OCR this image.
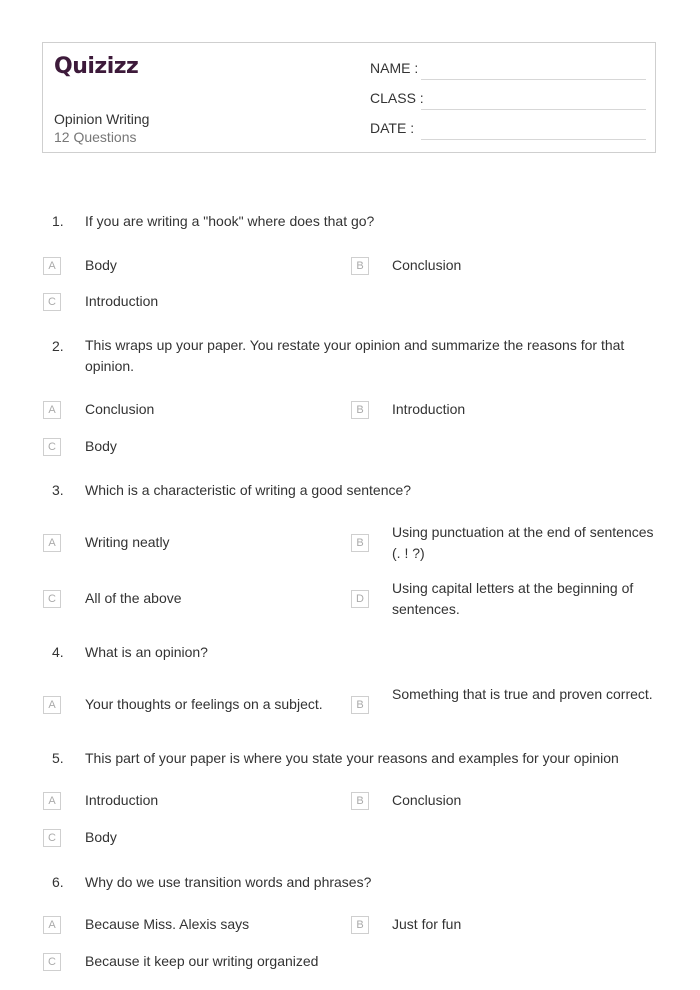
Quizizz
Opinion Writing
12 Questions
NAME :
CLASS :
DATE :
1. If you are writing a "hook" where does that go?
A	Body	B	Conclusion
C	Introduction
2. This wraps up your paper. You restate your opinion and summarize the reasons for that opinion.
A	Conclusion	B	Introduction
C	Body
3. Which is a characteristic of writing a good sentence?
A	Writing neatly	B
Using punctuation at the end of sentences (. ! ?)
C	All of the above	D
Using capital letters at the beginning of sentences.
4. What is an opinion?
A	Your thoughts or feelings on a subject.	B
Something that is true and proven correct.
5. This part of your paper is where you state your reasons and examples for your opinion
A	Introduction	B	Conclusion
C	Body
6. Why do we use transition words and phrases?
A	Because Miss. Alexis says	B	Just for fun
C	Because it keep our writing organized
